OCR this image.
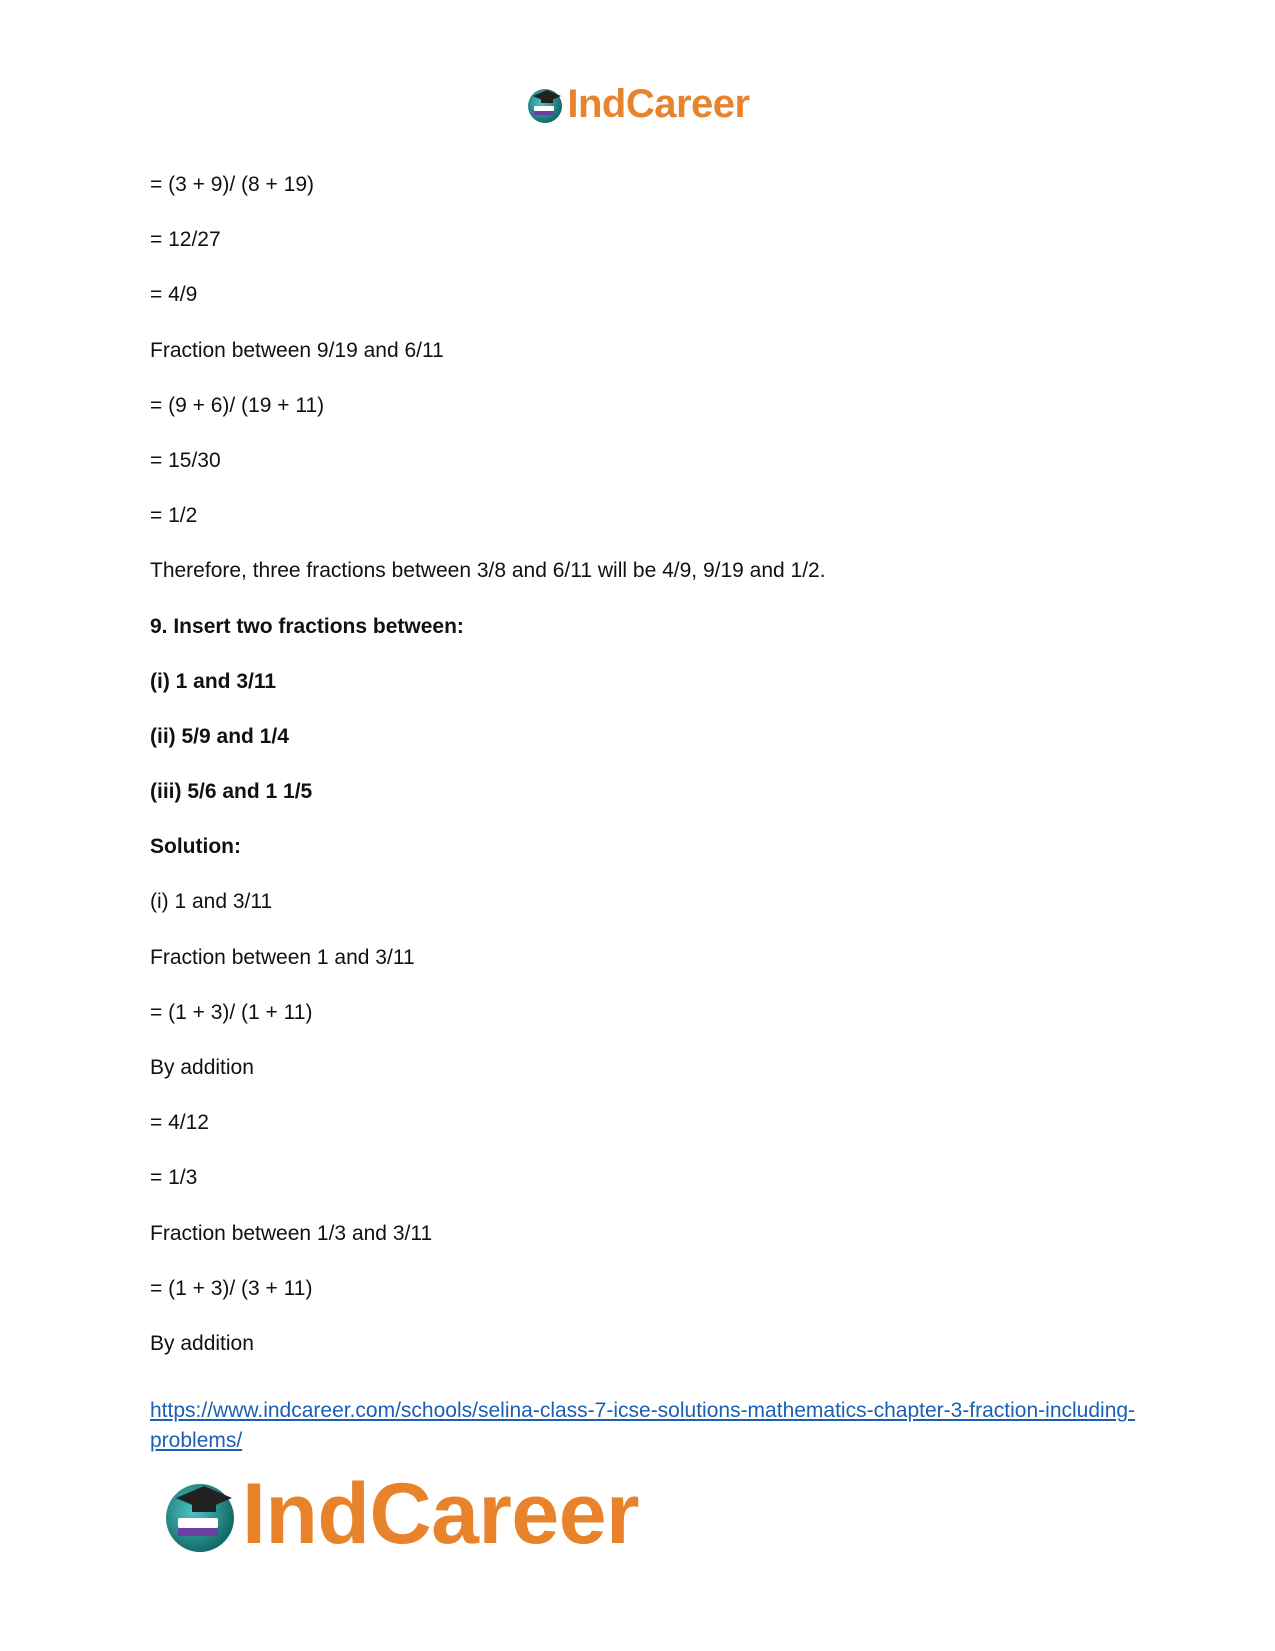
IndCareer
= (3 + 9)/ (8 + 19)
= 12/27
= 4/9
Fraction between 9/19 and 6/11
= (9 + 6)/ (19 + 11)
= 15/30
= 1/2
Therefore, three fractions between 3/8 and 6/11 will be 4/9, 9/19 and 1/2.
9. Insert two fractions between:
(i) 1 and 3/11
(ii) 5/9 and 1/4
(iii) 5/6 and 1 1/5
Solution:
(i) 1 and 3/11
Fraction between 1 and 3/11
= (1 + 3)/ (1 + 11)
By addition
= 4/12
= 1/3
Fraction between 1/3 and 3/11
= (1 + 3)/ (3 + 11)
By addition
https://www.indcareer.com/schools/selina-class-7-icse-solutions-mathematics-chapter-3-fraction-including-problems/
IndCareer
